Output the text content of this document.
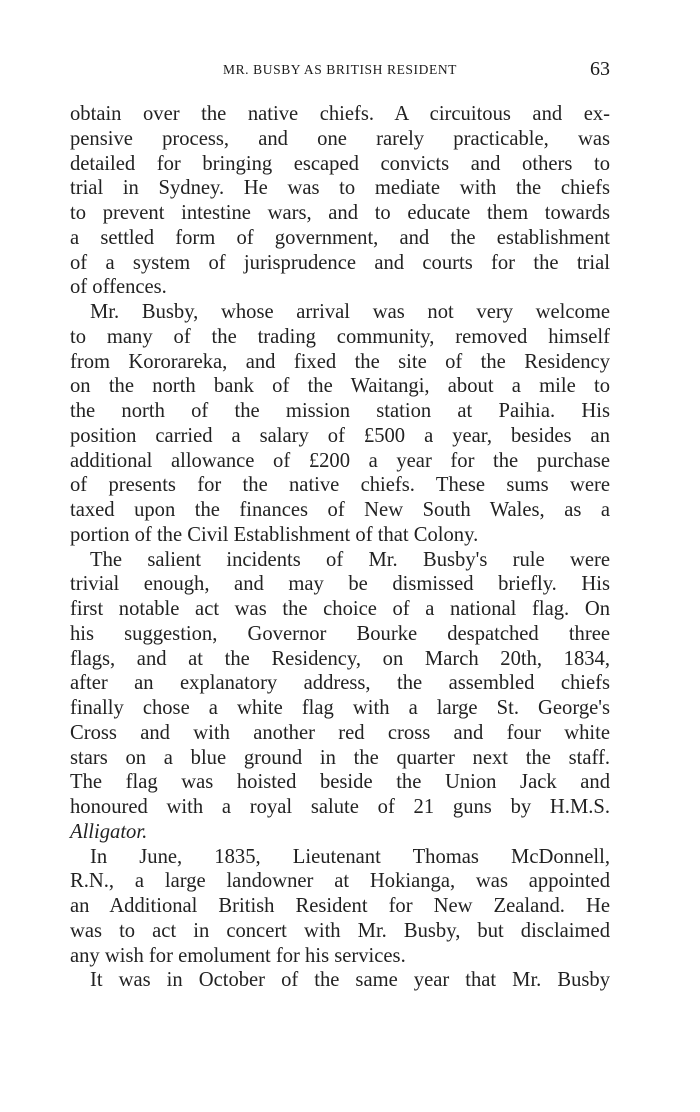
MR. BUSBY AS BRITISH RESIDENT	63
obtain over the native chiefs. A circuitous and ex-
pensive process, and one rarely practicable, was
detailed for bringing escaped convicts and others to
trial in Sydney. He was to mediate with the chiefs
to prevent intestine wars, and to educate them towards
a settled form of government, and the establishment
of a system of jurisprudence and courts for the trial
of offences.
Mr. Busby, whose arrival was not very welcome
to many of the trading community, removed himself
from Kororareka, and fixed the site of the Residency
on the north bank of the Waitangi, about a mile to
the north of the mission station at Paihia. His
position carried a salary of £500 a year, besides an
additional allowance of £200 a year for the purchase
of presents for the native chiefs. These sums were
taxed upon the finances of New South Wales, as a
portion of the Civil Establishment of that Colony.
The salient incidents of Mr. Busby's rule were
trivial enough, and may be dismissed briefly. His
first notable act was the choice of a national flag. On
his suggestion, Governor Bourke despatched three
flags, and at the Residency, on March 20th, 1834,
after an explanatory address, the assembled chiefs
finally chose a white flag with a large St. George's
Cross and with another red cross and four white
stars on a blue ground in the quarter next the staff.
The flag was hoisted beside the Union Jack and
honoured with a royal salute of 21 guns by H.M.S.
Alligator.
In June, 1835, Lieutenant Thomas McDonnell,
R.N., a large landowner at Hokianga, was appointed
an Additional British Resident for New Zealand. He
was to act in concert with Mr. Busby, but disclaimed
any wish for emolument for his services.
It was in October of the same year that Mr. Busby
